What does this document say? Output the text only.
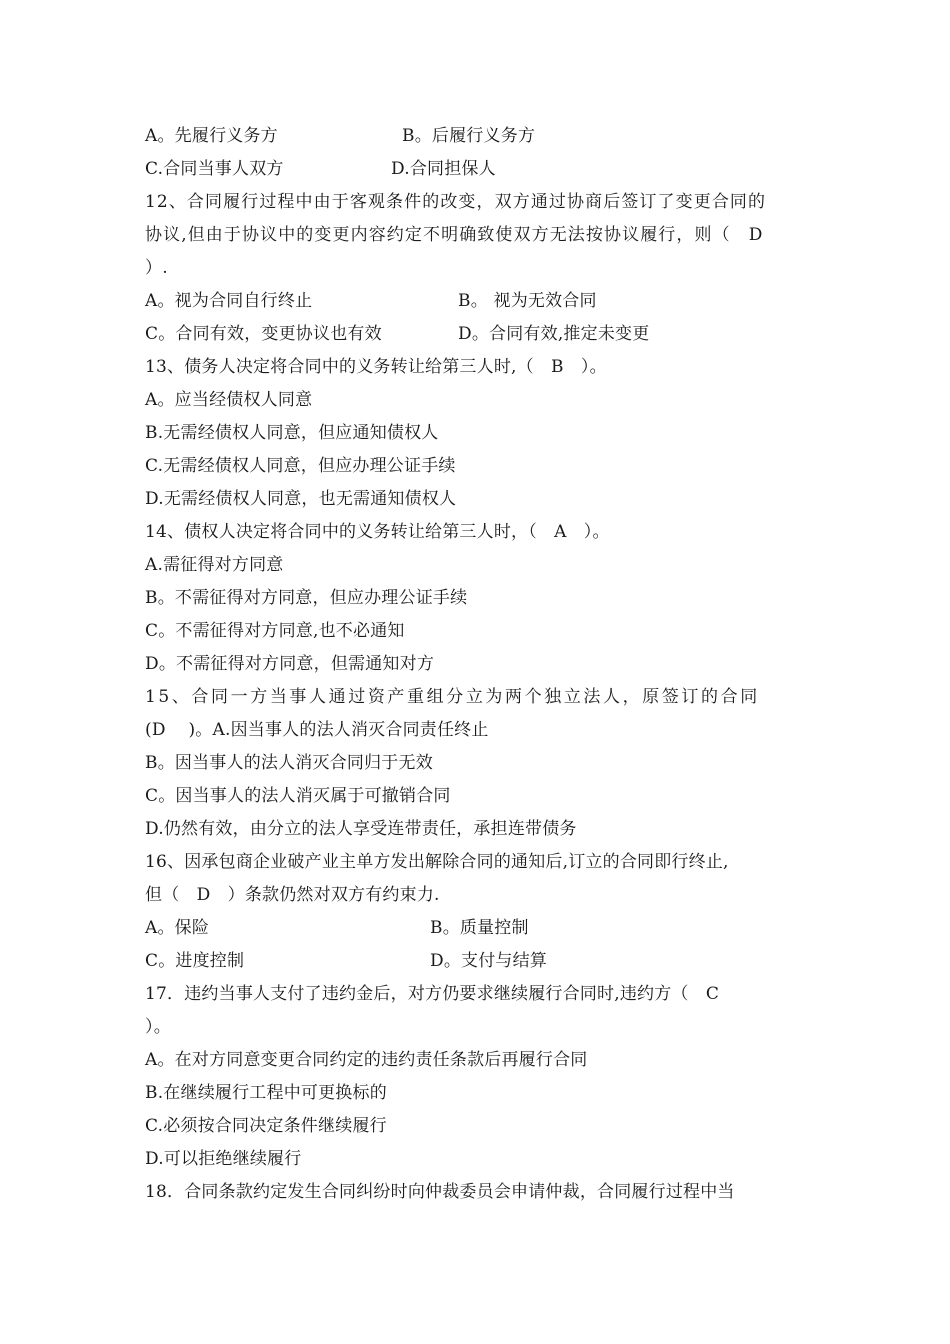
A。先履行义务方	B。后履行义务方
C.合同当事人双方	D.合同担保人
12、合同履行过程中由于客观条件的改变，双方通过协商后签订了变更合同的
协议,但由于协议中的变更内容约定不明确致使双方无法按协议履行，则（　D
）.
A。视为合同自行终止	B。 视为无效合同
C。合同有效，变更协议也有效	D。合同有效,推定未变更
13、债务人决定将合同中的义务转让给第三人时,（　B　）。
A。应当经债权人同意
B.无需经债权人同意，但应通知债权人
C.无需经债权人同意，但应办理公证手续
D.无需经债权人同意，也无需通知债权人
14、债权人决定将合同中的义务转让给第三人时，（　A　）。
A.需征得对方同意
B。不需征得对方同意，但应办理公证手续
C。不需征得对方同意,也不必通知
D。不需征得对方同意，但需通知对方
15、合同一方当事人通过资产重组分立为两个独立法人，原签订的合同
(D　 )。A.因当事人的法人消灭合同责任终止
B。因当事人的法人消灭合同归于无效
C。因当事人的法人消灭属于可撤销合同
D.仍然有效，由分立的法人享受连带责任，承担连带债务
16、因承包商企业破产业主单方发出解除合同的通知后,订立的合同即行终止,
但（　D　）条款仍然对双方有约束力.
A。保险	B。质量控制
C。进度控制	D。支付与结算
17．违约当事人支付了违约金后，对方仍要求继续履行合同时,违约方（　C
）。
A。在对方同意变更合同约定的违约责任条款后再履行合同
B.在继续履行工程中可更换标的
C.必须按合同决定条件继续履行
D.可以拒绝继续履行
18．合同条款约定发生合同纠纷时向仲裁委员会申请仲裁，合同履行过程中当
